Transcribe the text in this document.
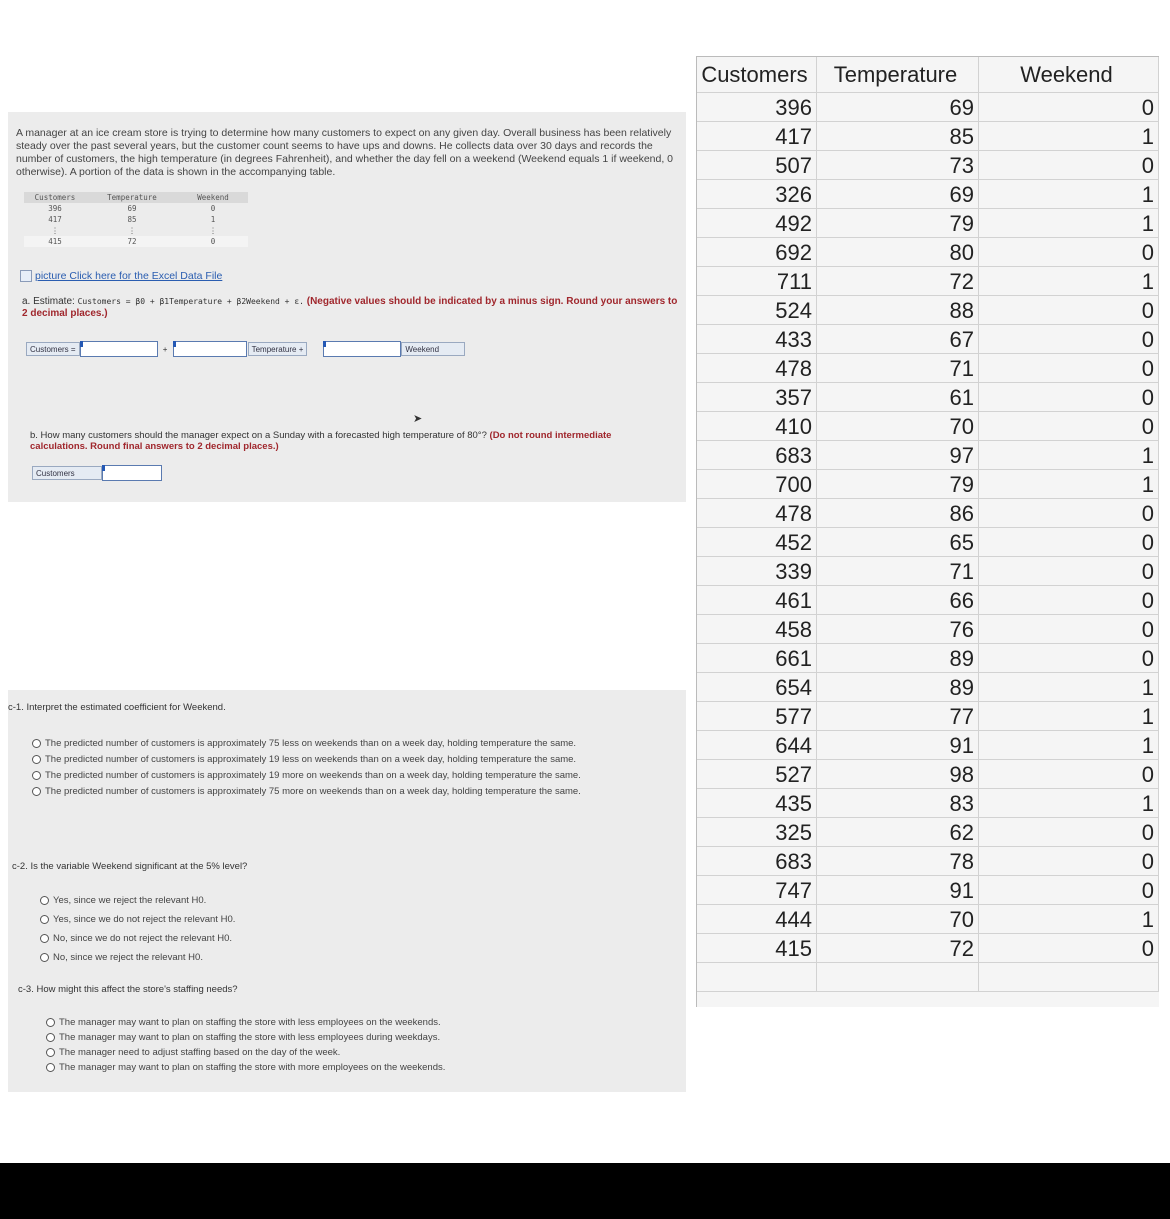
A manager at an ice cream store is trying to determine how many customers to expect on any given day. Overall business has been relatively steady over the past several years, but the customer count seems to have ups and downs. He collects data over 30 days and records the number of customers, the high temperature (in degrees Fahrenheit), and whether the day fell on a weekend (Weekend equals 1 if weekend, 0 otherwise). A portion of the data is shown in the accompanying table.
Customers	Temperature	Weekend
396	69	0
417	85	1
⋮	⋮	⋮
415	72	0
picture Click here for the Excel Data File
a. Estimate: Customers = β0 + β1Temperature + β2Weekend + ε. (Negative values should be indicated by a minus sign. Round your answers to 2 decimal places.)
Customers =	+	Temperature +	Weekend
➤
b. How many customers should the manager expect on a Sunday with a forecasted high temperature of 80°? (Do not round intermediate calculations. Round final answers to 2 decimal places.)
Customers
c-1. Interpret the estimated coefficient for Weekend.
The predicted number of customers is approximately 75 less on weekends than on a week day, holding temperature the same.
The predicted number of customers is approximately 19 less on weekends than on a week day, holding temperature the same.
The predicted number of customers is approximately 19 more on weekends than on a week day, holding temperature the same.
The predicted number of customers is approximately 75 more on weekends than on a week day, holding temperature the same.
c-2. Is the variable Weekend significant at the 5% level?
Yes, since we reject the relevant H0.
Yes, since we do not reject the relevant H0.
No, since we do not reject the relevant H0.
No, since we reject the relevant H0.
c-3. How might this affect the store's staffing needs?
The manager may want to plan on staffing the store with less employees on the weekends.
The manager may want to plan on staffing the store with less employees during weekdays.
The manager need to adjust staffing based on the day of the week.
The manager may want to plan on staffing the store with more employees on the weekends.
Customers	Temperature	Weekend
396	69	0
417	85	1
507	73	0
326	69	1
492	79	1
692	80	0
711	72	1
524	88	0
433	67	0
478	71	0
357	61	0
410	70	0
683	97	1
700	79	1
478	86	0
452	65	0
339	71	0
461	66	0
458	76	0
661	89	0
654	89	1
577	77	1
644	91	1
527	98	0
435	83	1
325	62	0
683	78	0
747	91	0
444	70	1
415	72	0
